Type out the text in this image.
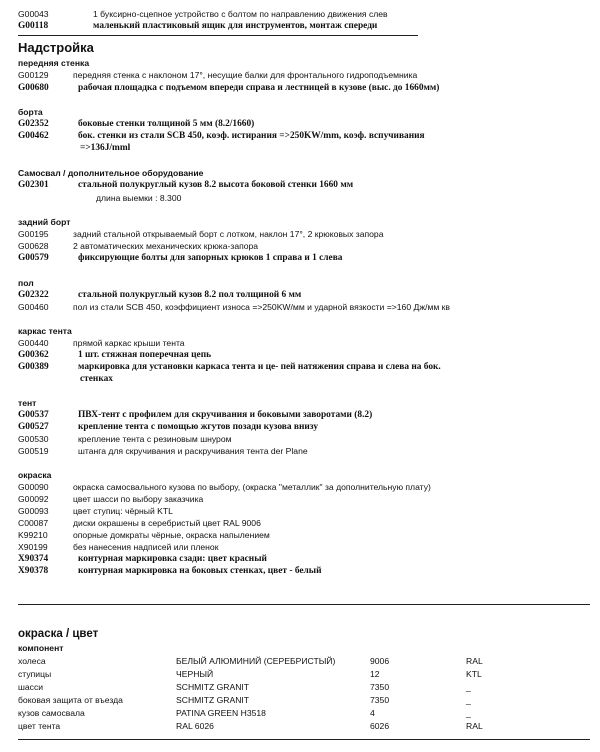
G00043	1 буксирно-сцепное устройство с болтом по направлению движения слев
G00118	маленький пластиковый ящик для инструментов, монтаж спереди
Надстройка
передняя стенка
G00129	передняя стенка с наклоном 17°, несущие балки для фронтального гидроподъемника
G00680	рабочая площадка с подъемом впереди справа и лестницей в кузове (выс. до 1660мм)
борта
G02352	боковые стенки толщиной 5 мм (8.2/1660)
G00462	бок. стенки из стали SCB 450, коэф. истирания =>250KW/mm, коэф. вспучивания
=>136J/mml
Самосвал / дополнительное оборудование
G02301	стальной полукруглый кузов 8.2 высота боковой стенки 1660 мм
длина выемки : 8.300
задний борт
G00195	задний стальной открываемый борт с лотком, наклон 17°, 2 крюковых запора
G00628	2 автоматических механических крюка-запора
G00579	фиксирующие болты для запорных крюков 1 справа и 1 слева
пол
G02322	стальной полукруглый кузов 8.2 пол толщиной 6 мм
G00460	пол из стали SCB 450, коэффициент износа =>250KW/мм и ударной вязкости =>160 Дж/мм кв
каркас тента
G00440	прямой каркас крыши тента
G00362	1 шт. стяжная поперечная цепь
G00389	маркировка для установки каркаса тента и це- пей натяжения справа и слева на бок.
стенках
тент
G00537	ПВХ-тент с профилем для скручивания и боковыми заворотами (8.2)
G00527	крепление тента с помощью жгутов позади кузова внизу
G00530	крепление тента с резиновым шнуром
G00519	штанга для скручивания и раскручивания тента der Plane
окраска
G00090	окраска самосвального кузова по выбору, (окраска "металлик" за дополнительную плату)
G00092	цвет шасси по выбору заказчика
G00093	цвет ступиц: чёрный KTL
C00087	диски окрашены в серебристый цвет RAL 9006
K99210	опорные домкраты чёрные, окраска напылением
X90199	без нанесения надписей или пленок
X90374	контурная маркировка сзади: цвет красный
X90378	контурная маркировка на боковых стенках, цвет - белый
окраска / цвет
компонент
холеса	БЕЛЫЙ АЛЮМИНИЙ (СЕРЕБРИСТЫЙ)	9006	RAL
ступицы	ЧЕРНЫЙ	12	KTL
шасси	SCHMITZ GRANIT	7350	_
боковая защита от въезда	SCHMITZ GRANIT	7350	_
кузов самосвала	PATINA GREEN H3518	4	_
цвет тента	RAL 6026	6026	RAL
